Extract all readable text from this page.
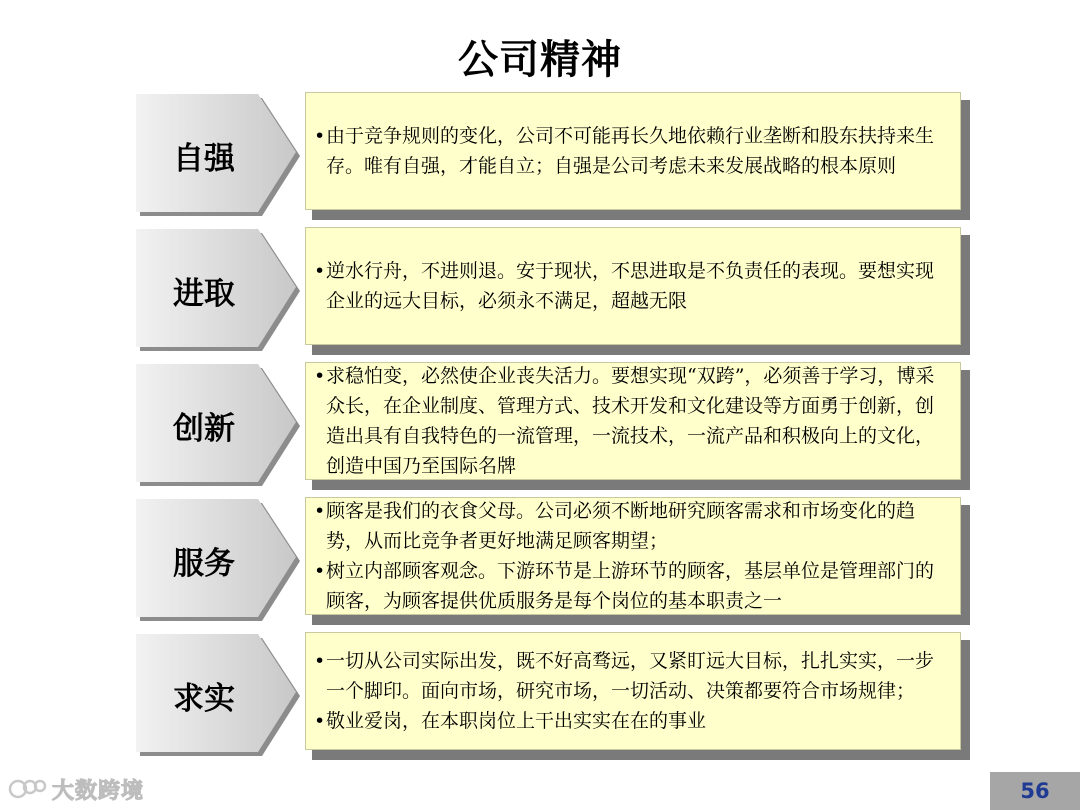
公司精神
自强
• 由于竞争规则的变化，公司不可能再长久地依赖行业垄断和股东扶持来生存。唯有自强，才能自立；自强是公司考虑未来发展战略的根本原则
进取
• 逆水行舟，不进则退。安于现状，不思进取是不负责任的表现。要想实现企业的远大目标，必须永不满足，超越无限
创新
• 求稳怕变，必然使企业丧失活力。要想实现“双跨”，必须善于学习，博采众长，在企业制度、管理方式、技术开发和文化建设等方面勇于创新，创造出具有自我特色的一流管理，一流技术，一流产品和积极向上的文化，创造中国乃至国际名牌
服务
• 顾客是我们的衣食父母。公司必须不断地研究顾客需求和市场变化的趋势，从而比竞争者更好地满足顾客期望；
• 树立内部顾客观念。下游环节是上游环节的顾客，基层单位是管理部门的顾客，为顾客提供优质服务是每个岗位的基本职责之一
求实
• 一切从公司实际出发，既不好高骛远，又紧盯远大目标，扎扎实实，一步一个脚印。面向市场，研究市场，一切活动、决策都要符合市场规律；
• 敬业爱岗，在本职岗位上干出实实在在的事业
大数跨境	56
